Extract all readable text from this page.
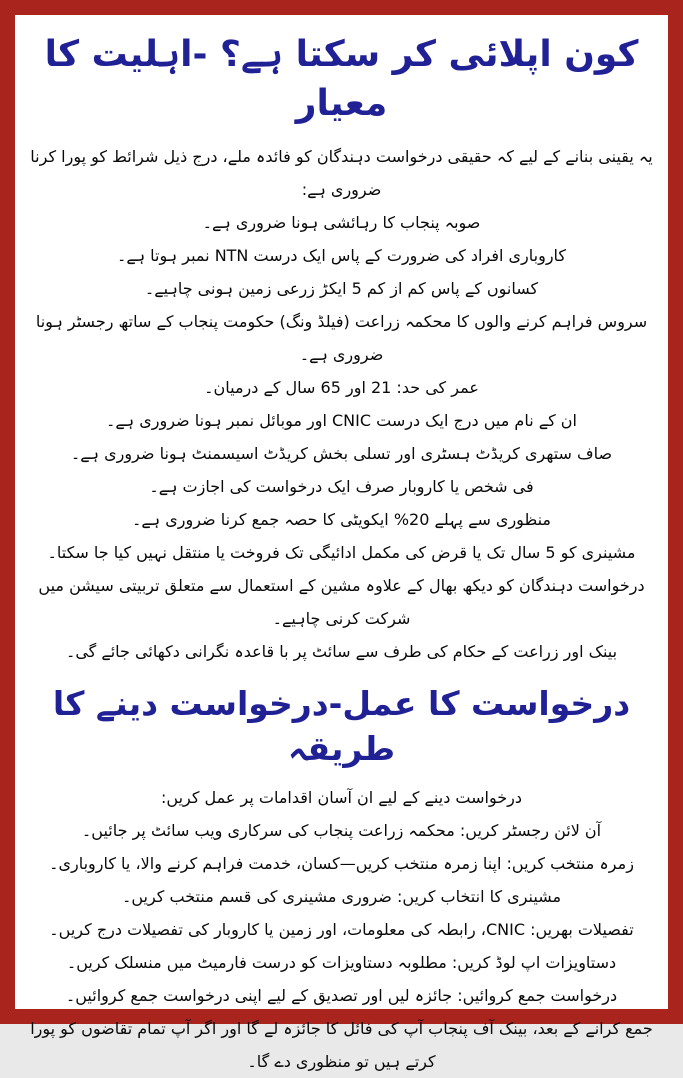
کون اپلائی کر سکتا ہے؟ -اہلیت کا معیار
یہ یقینی بنانے کے لیے کہ حقیقی درخواست دہندگان کو فائدہ ملے، درج ذیل شرائط کو پورا کرنا ضروری ہے:
صوبہ پنجاب کا رہائشی ہونا ضروری ہے۔
کاروباری افراد کی ضرورت کے پاس ایک درست NTN نمبر ہوتا ہے۔
کسانوں کے پاس کم از کم 5 ایکڑ زرعی زمین ہونی چاہیے۔
سروس فراہم کرنے والوں کا محکمہ زراعت (فیلڈ ونگ) حکومت پنجاب کے ساتھ رجسٹر ہونا ضروری ہے۔
عمر کی حد: 21 اور 65 سال کے درمیان۔
ان کے نام میں درج ایک درست CNIC اور موبائل نمبر ہونا ضروری ہے۔
صاف ستھری کریڈٹ ہسٹری اور تسلی بخش کریڈٹ اسیسمنٹ ہونا ضروری ہے۔
فی شخص یا کاروبار صرف ایک درخواست کی اجازت ہے۔
منظوری سے پہلے 20% ایکویٹی کا حصہ جمع کرنا ضروری ہے۔
مشینری کو 5 سال تک یا قرض کی مکمل ادائیگی تک فروخت یا منتقل نہیں کیا جا سکتا۔
درخواست دہندگان کو دیکھ بھال کے علاوہ مشین کے استعمال سے متعلق تربیتی سیشن میں شرکت کرنی چاہیے۔
بینک اور زراعت کے حکام کی طرف سے سائٹ پر با قاعدہ نگرانی دکھائی جائے گی۔
درخواست کا عمل-درخواست دینے کا طریقہ
درخواست دینے کے لیے ان آسان اقدامات پر عمل کریں:
آن لائن رجسٹر کریں: محکمہ زراعت پنجاب کی سرکاری ویب سائٹ پر جائیں۔
زمرہ منتخب کریں: اپنا زمرہ منتخب کریں—کسان، خدمت فراہم کرنے والا، یا کاروباری۔
مشینری کا انتخاب کریں: ضروری مشینری کی قسم منتخب کریں۔
تفصیلات بھریں: CNIC، رابطہ کی معلومات، اور زمین یا کاروبار کی تفصیلات درج کریں۔
دستاویزات اپ لوڈ کریں: مطلوبہ دستاویزات کو درست فارمیٹ میں منسلک کریں۔
درخواست جمع کروائیں: جائزہ لیں اور تصدیق کے لیے اپنی درخواست جمع کروائیں۔
جمع کرانے کے بعد، بینک آف پنجاب آپ کی فائل کا جائزہ لے گا اور اگر آپ تمام تقاضوں کو پورا کرتے ہیں تو منظوری دے گا۔
